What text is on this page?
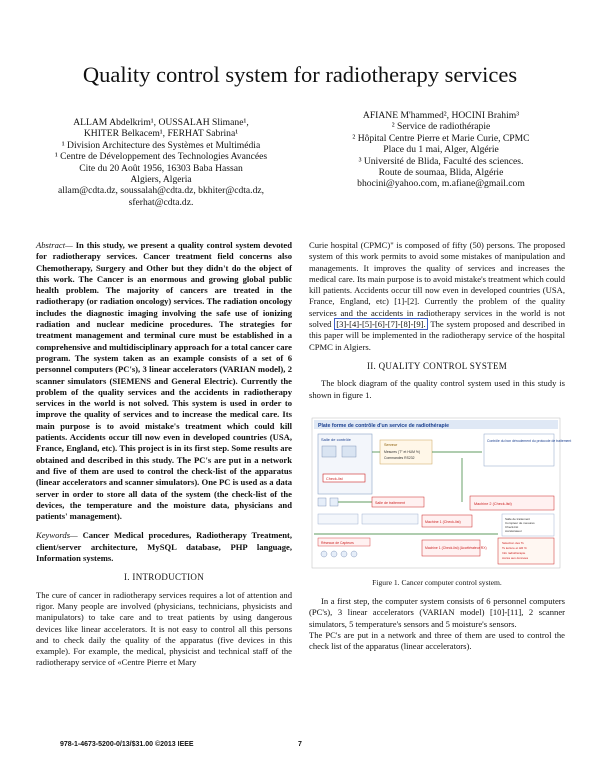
Quality control system for radiotherapy services
ALLAM Abdelkrim¹, OUSSALAH Slimane¹,
KHITER Belkacem¹, FERHAT Sabrina¹
¹ Division Architecture des Systèmes et Multimédia
¹ Centre de Développement des Technologies Avancées
Cite du 20 Août 1956, 16303 Baba Hassan
Algiers, Algeria
allam@cdta.dz, soussalah@cdta.dz, bkhiter@cdta.dz,
sferhat@cdta.dz.
AFIANE M'hammed², HOCINI Brahim³
² Service de radiothérapie
² Hôpital Centre Pierre et Marie Curie, CPMC
Place du 1 mai, Alger, Algérie
³ Université de Blida, Faculté des sciences.
Route de soumaa, Blida, Algérie
bhocini@yahoo.com, m.afiane@gmail.com

Abstract— In this study, we present a quality control system devoted for radiotherapy services. Cancer treatment field concerns also Chemotherapy, Surgery and Other but they didn't do the object of this work. The Cancer is an enormous and growing global public health problem. The majority of cancers are treated in the radiotherapy (or radiation oncology) services. The radiation oncology includes the diagnostic imaging involving the safe use of ionizing radiation and nuclear medicine procedures. The strategies for treatment management and terminal cure must be established in a comprehensive and multidisciplinary approach for a total cancer care program. The system taken as an example consists of a set of 6 personnel computers (PC's), 3 linear accelerators (VARIAN model), 2 scanner simulators (SIEMENS and General Electric). Currently the problem of the quality services and the accidents in radiotherapy services in the world is not solved. This system is used in order to improve the quality of services and to increase the medical care. Its main purpose is to avoid mistake's treatment which could kill patients. Accidents occur till now even in developed countries (USA, France, England, etc). This project is in its first step. Some results are obtained and described in this study. The PC's are put in a network and five of them are used to control the check-list of the apparatus (linear accelerators and scanner simulators). One PC is used as a data server in order to store all data of the system (the check-list of the devices, the temperature and the moisture data, physicians and patients' management).

Keywords— Cancer Medical procedures, Radiotherapy Treatment, client/server architecture, MySQL database, PHP language, Information systems.

I. INTRODUCTION

The cure of cancer in radiotherapy services requires a lot of attention and rigor. Many people are involved (physicians, technicians, physicists and manipulators) to take care and to treat patients by using dangerous devices like linear accelerators. It is not easy to control all this persons and to check daily the quality of the apparatus (five devices in this example). For example, the medical, physicist and technical staff of the radiotherapy service of «Centre Pierre et Mary

Curie hospital (CPMC)" is composed of fifty (50) persons. The proposed system of this work permits to avoid some mistakes of manipulation and managements. It improves the quality of services and increases the medical care. Its main purpose is to avoid mistake's treatment which could kill patients. Accidents occur till now even in developed countries (USA, France, England, etc) [1]-[2]. Currently the problem of the quality services and the accidents in radiotherapy services in the world is not solved [3]-[4]-[5]-[6]-[7]-[8]-[9]. The system proposed and described in this paper will be implemented in the radiotherapy service of the hospital CPMC in Algiers.

II. QUALITY CONTROL SYSTEM

The block diagram of the quality control system used in this study is shown in figure 1.

Plate forme de contrôle d'un service de radiothérapie
Salle de contrôle
Check-list
Serveur
Mesures (T° et HUM %)
Commandes RS232
Contrôle du bon déroulement du protocole de traitement
Salle de traitement	Machine 2 (Check-list)
Machine 1 (Check-list)
Salle de traitement
Compteur de mesures
Check-list
Accélérateur
Réseaux de Capteurs
Machine 1 (Check-list) (Accélérateur RX)
Sélection des Ts
Ts lecture et HR %
Info radiothérapie
Accès aux données
Figure 1. Cancer computer control system.

In a first step, the computer system consists of 6 personnel computers (PC's), 3 linear accelerators (VARIAN model) [10]-[11], 2 scanner simulators, 5 temperature's sensors and 5 moisture's sensors.

The PC's are put in a network and three of them are used to control the check list of the apparatus (linear accelerators).

978-1-4673-5200-0/13/$31.00 ©2013 IEEE	7
